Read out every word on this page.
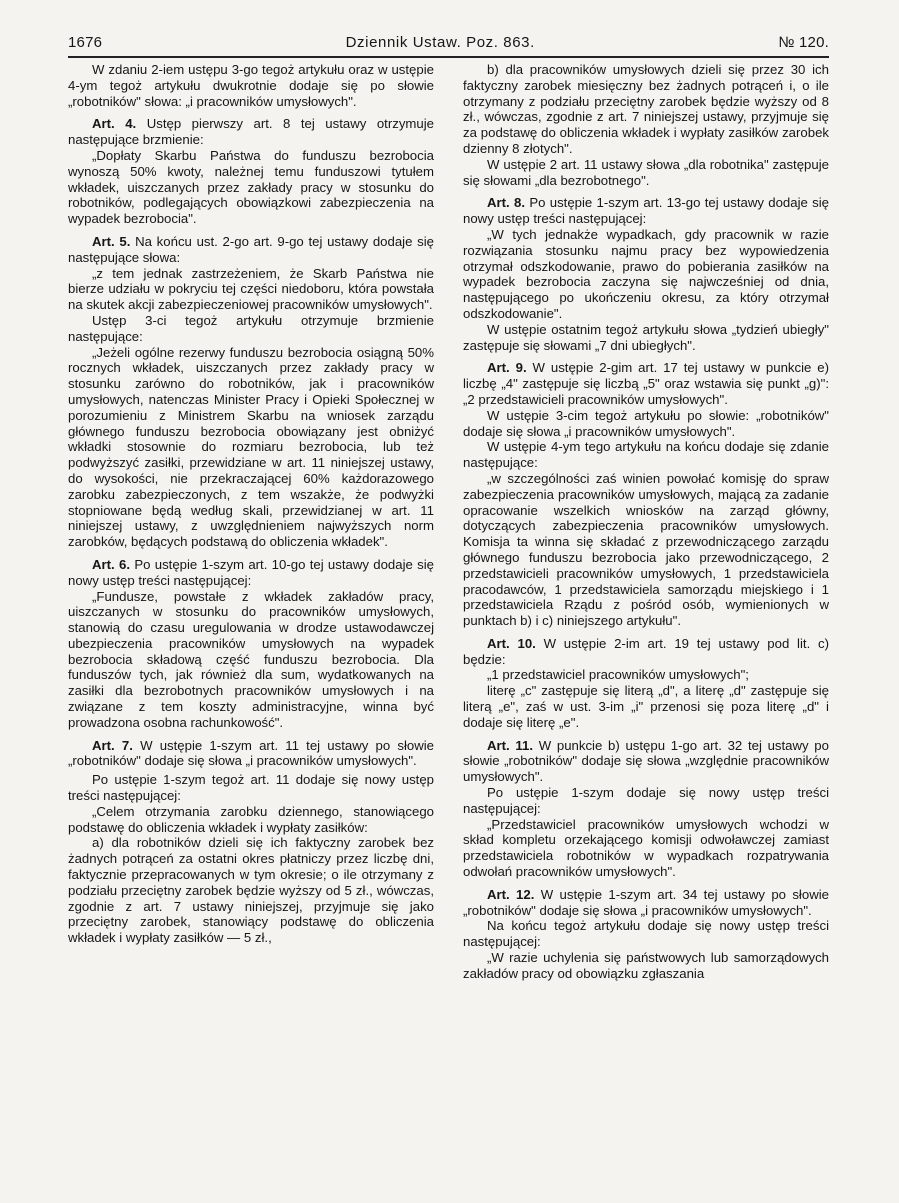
1676	Dziennik Ustaw. Poz. 863.	№ 120.

W zdaniu 2-iem ustępu 3-go tegoż artykułu oraz w ustępie 4-ym tegoż artykułu dwukrotnie dodaje się po słowie „robotników" słowa: „i pracowników umysłowych".

Art. 4. Ustęp pierwszy art. 8 tej ustawy otrzymuje następujące brzmienie:

„Dopłaty Skarbu Państwa do funduszu bezrobocia wynoszą 50% kwoty, należnej temu funduszowi tytułem wkładek, uiszczanych przez zakłady pracy w stosunku do robotników, podlegających obowiązkowi zabezpieczenia na wypadek bezrobocia".

Art. 5. Na końcu ust. 2-go art. 9-go tej ustawy dodaje się następujące słowa:

„z tem jednak zastrzeżeniem, że Skarb Państwa nie bierze udziału w pokryciu tej części niedoboru, która powstała na skutek akcji zabezpieczeniowej pracowników umysłowych".

Ustęp 3-ci tegoż artykułu otrzymuje brzmienie następujące:

„Jeżeli ogólne rezerwy funduszu bezrobocia osiągną 50% rocznych wkładek, uiszczanych przez zakłady pracy w stosunku zarówno do robotników, jak i pracowników umysłowych, natenczas Minister Pracy i Opieki Społecznej w porozumieniu z Ministrem Skarbu na wniosek zarządu głównego funduszu bezrobocia obowiązany jest obniżyć wkładki stosownie do rozmiaru bezrobocia, lub też podwyższyć zasiłki, przewidziane w art. 11 niniejszej ustawy, do wysokości, nie przekraczającej 60% każdorazowego zarobku zabezpieczonych, z tem wszakże, że podwyżki stopniowane będą według skali, przewidzianej w art. 11 niniejszej ustawy, z uwzględnieniem najwyższych norm zarobków, będących podstawą do obliczenia wkładek".

Art. 6. Po ustępie 1-szym art. 10-go tej ustawy dodaje się nowy ustęp treści następującej:

„Fundusze, powstałe z wkładek zakładów pracy, uiszczanych w stosunku do pracowników umysłowych, stanowią do czasu uregulowania w drodze ustawodawczej ubezpieczenia pracowników umysłowych na wypadek bezrobocia składową część funduszu bezrobocia. Dla funduszów tych, jak również dla sum, wydatkowanych na zasiłki dla bezrobotnych pracowników umysłowych i na związane z tem koszty administracyjne, winna być prowadzona osobna rachunkowość".

Art. 7. W ustępie 1-szym art. 11 tej ustawy po słowie „robotników" dodaje się słowa „i pracowników umysłowych".

Po ustępie 1-szym tegoż art. 11 dodaje się nowy ustęp treści następującej:

„Celem otrzymania zarobku dziennego, stanowiącego podstawę do obliczenia wkładek i wypłaty zasiłków:

a) dla robotników dzieli się ich faktyczny zarobek bez żadnych potrąceń za ostatni okres płatniczy przez liczbę dni, faktycznie przepracowanych w tym okresie; o ile otrzymany z podziału przeciętny zarobek będzie wyższy od 5 zł., wówczas, zgodnie z art. 7 ustawy niniejszej, przyjmuje się jako przeciętny zarobek, stanowiący podstawę do obliczenia wkładek i wypłaty zasiłków — 5 zł.,

b) dla pracowników umysłowych dzieli się przez 30 ich faktyczny zarobek miesięczny bez żadnych potrąceń i, o ile otrzymany z podziału przeciętny zarobek będzie wyższy od 8 zł., wówczas, zgodnie z art. 7 niniejszej ustawy, przyjmuje się za podstawę do obliczenia wkładek i wypłaty zasiłków zarobek dzienny 8 złotych".

W ustępie 2 art. 11 ustawy słowa „dla robotnika" zastępuje się słowami „dla bezrobotnego".

Art. 8. Po ustępie 1-szym art. 13-go tej ustawy dodaje się nowy ustęp treści następującej:

„W tych jednakże wypadkach, gdy pracownik w razie rozwiązania stosunku najmu pracy bez wypowiedzenia otrzymał odszkodowanie, prawo do pobierania zasiłków na wypadek bezrobocia zaczyna się najwcześniej od dnia, następującego po ukończeniu okresu, za który otrzymał odszkodowanie".

W ustępie ostatnim tegoż artykułu słowa „tydzień ubiegły" zastępuje się słowami „7 dni ubiegłych".

Art. 9. W ustępie 2-gim art. 17 tej ustawy w punkcie e) liczbę „4" zastępuje się liczbą „5" oraz wstawia się punkt „g)": „2 przedstawicieli pracowników umysłowych".

W ustępie 3-cim tegoż artykułu po słowie: „robotników" dodaje się słowa „i pracowników umysłowych".

W ustępie 4-ym tego artykułu na końcu dodaje się zdanie następujące:

„w szczególności zaś winien powołać komisję do spraw zabezpieczenia pracowników umysłowych, mającą za zadanie opracowanie wszelkich wniosków na zarząd główny, dotyczących zabezpieczenia pracowników umysłowych. Komisja ta winna się składać z przewodniczącego zarządu głównego funduszu bezrobocia jako przewodniczącego, 2 przedstawicieli pracowników umysłowych, 1 przedstawiciela pracodawców, 1 przedstawiciela samorządu miejskiego i 1 przedstawiciela Rządu z pośród osób, wymienionych w punktach b) i c) niniejszego artykułu".

Art. 10. W ustępie 2-im art. 19 tej ustawy pod lit. c) będzie:

„1 przedstawiciel pracowników umysłowych";

literę „c" zastępuje się literą „d", a literę „d" zastępuje się literą „e", zaś w ust. 3-im „i" przenosi się poza literę „d" i dodaje się literę „e".

Art. 11. W punkcie b) ustępu 1-go art. 32 tej ustawy po słowie „robotników" dodaje się słowa „względnie pracowników umysłowych".

Po ustępie 1-szym dodaje się nowy ustęp treści następującej:

„Przedstawiciel pracowników umysłowych wchodzi w skład kompletu orzekającego komisji odwoławczej zamiast przedstawiciela robotników w wypadkach rozpatrywania odwołań pracowników umysłowych".

Art. 12. W ustępie 1-szym art. 34 tej ustawy po słowie „robotników" dodaje się słowa „i pracowników umysłowych".

Na końcu tegoż artykułu dodaje się nowy ustęp treści następującej:

„W razie uchylenia się państwowych lub samorządowych zakładów pracy od obowiązku zgłaszania
